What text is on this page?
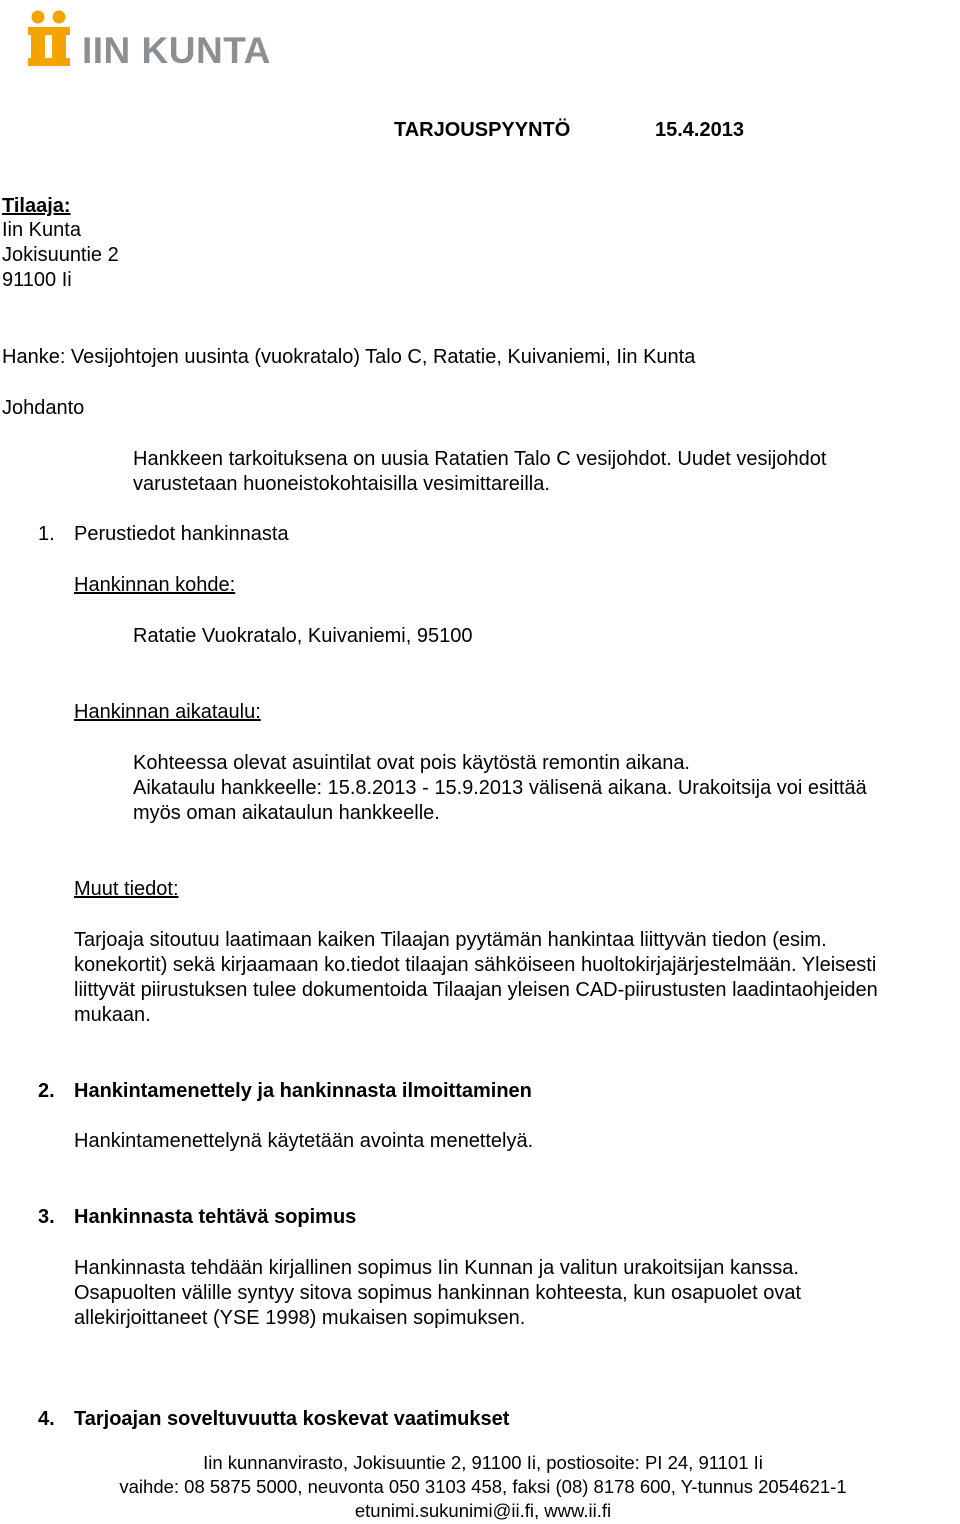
IIN KUNTA
TARJOUSPYYNTÖ	15.4.2013
Tilaaja:
Iin Kunta
Jokisuuntie 2
91100 Ii
Hanke: Vesijohtojen uusinta (vuokratalo) Talo C, Ratatie, Kuivaniemi, Iin Kunta
Johdanto
Hankkeen tarkoituksena on uusia Ratatien Talo C vesijohdot. Uudet vesijohdot
varustetaan huoneistokohtaisilla vesimittareilla.
1. Perustiedot hankinnasta
Hankinnan kohde:
Ratatie Vuokratalo, Kuivaniemi, 95100
Hankinnan aikataulu:
Kohteessa olevat asuintilat ovat pois käytöstä remontin aikana.
Aikataulu hankkeelle: 15.8.2013 - 15.9.2013 välisenä aikana. Urakoitsija voi esittää
myös oman aikataulun hankkeelle.
Muut tiedot:
Tarjoaja sitoutuu laatimaan kaiken Tilaajan pyytämän hankintaa liittyvän tiedon (esim.
konekortit) sekä kirjaamaan ko.tiedot tilaajan sähköiseen huoltokirjajärjestelmään. Yleisesti
liittyvät piirustuksen tulee dokumentoida Tilaajan yleisen CAD-piirustusten laadintaohjeiden
mukaan.
2. Hankintamenettely ja hankinnasta ilmoittaminen
Hankintamenettelynä käytetään avointa menettelyä.
3. Hankinnasta tehtävä sopimus
Hankinnasta tehdään kirjallinen sopimus Iin Kunnan ja valitun urakoitsijan kanssa.
Osapuolten välille syntyy sitova sopimus hankinnan kohteesta, kun osapuolet ovat
allekirjoittaneet (YSE 1998) mukaisen sopimuksen.
4. Tarjoajan soveltuvuutta koskevat vaatimukset
Iin kunnanvirasto, Jokisuuntie 2, 91100 Ii, postiosoite: PI 24, 91101 Ii
vaihde: 08 5875 5000, neuvonta 050 3103 458, faksi (08) 8178 600, Y-tunnus 2054621-1
etunimi.sukunimi@ii.fi, www.ii.fi
